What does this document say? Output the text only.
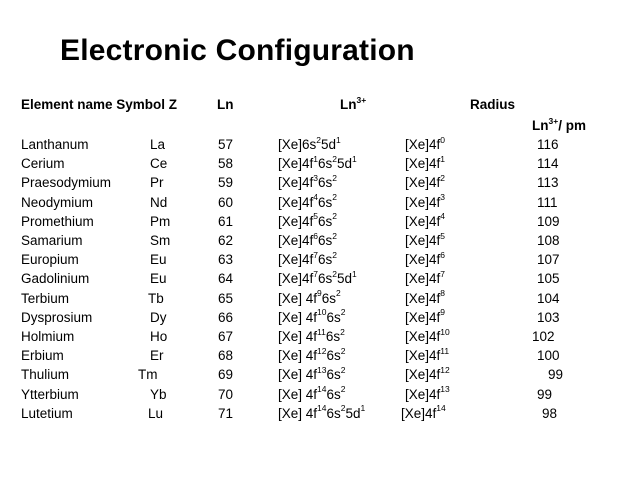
Electronic Configuration
Element name Symbol Z	Ln	$Ln^{3+}$	Radius
$Ln^{3+}/$ pm
Lanthanum	La	57	$[Xe]6s^25d^1$	$[Xe]4f^0$	116
Cerium	Ce	58	$[Xe]4f^16s^25d^1$	$[Xe]4f^1$	114
Praesodymium	Pr	59	$[Xe]4f^36s^2$	$[Xe]4f^2$	113
Neodymium	Nd	60	$[Xe]4f^46s^2$	$[Xe]4f^3$	111
Promethium	Pm	61	$[Xe]4f^56s^2$	$[Xe]4f^4$	109
Samarium	Sm	62	$[Xe]4f^66s^2$	$[Xe]4f^5$	108
Europium	Eu	63	$[Xe]4f^76s^2$	$[Xe]4f^6$	107
Gadolinium	Eu	64	$[Xe]4f^76s^25d^1$	$[Xe]4f^7$	105
Terbium	Tb	65	[Xe] $4f^96s^2$	$[Xe]4f^8$	104
Dysprosium	Dy	66	[Xe] $4f^{10}6s^2$	$[Xe]4f^9$	103
Holmium	Ho	67	[Xe] $4f^{11}6s^2$	$[Xe]4f^{10}$	102
Erbium	Er	68	[Xe] $4f^{12}6s^2$	$[Xe]4f^{11}$	100
Thulium	Tm	69	[Xe] $4f^{13}6s^2$	$[Xe]4f^{12}$	99
Ytterbium	Yb	70	[Xe] $4f^{14}6s^2$	$[Xe]4f^{13}$	99
Lutetium	Lu	71	[Xe] $4f^{14}6s^25d^1$	$[Xe]4f^{14}$	98
